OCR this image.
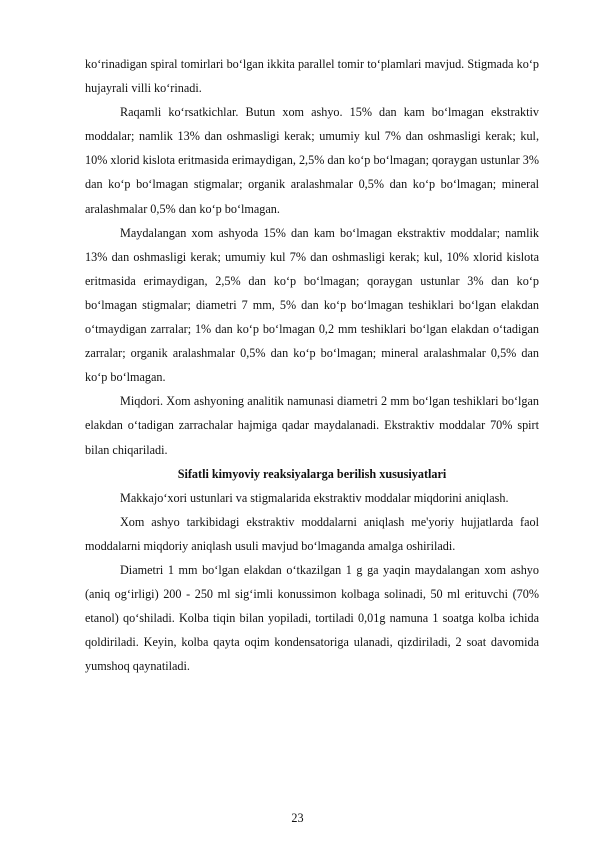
ko‘rinadigan spiral tomirlari bo‘lgan ikkita parallel tomir to‘plamlari mavjud. Stigmada ko‘p hujayrali villi ko‘rinadi.

Raqamli ko‘rsatkichlar. Butun xom ashyo. 15% dan kam bo‘lmagan ekstraktiv moddalar; namlik 13% dan oshmasligi kerak; umumiy kul 7% dan oshmasligi kerak; kul, 10% xlorid kislota eritmasida erimaydigan, 2,5% dan ko‘p bo‘lmagan; qoraygan ustunlar 3% dan ko‘p bo‘lmagan stigmalar; organik aralashmalar 0,5% dan ko‘p bo‘lmagan; mineral aralashmalar 0,5% dan ko‘p bo‘lmagan.

Maydalangan xom ashyoda 15% dan kam bo‘lmagan ekstraktiv moddalar; namlik 13% dan oshmasligi kerak; umumiy kul 7% dan oshmasligi kerak; kul, 10% xlorid kislota eritmasida erimaydigan, 2,5% dan ko‘p bo‘lmagan; qoraygan ustunlar 3% dan ko‘p bo‘lmagan stigmalar; diametri 7 mm, 5% dan ko‘p bo‘lmagan teshiklari bo‘lgan elakdan o‘tmaydigan zarralar; 1% dan ko‘p bo‘lmagan 0,2 mm teshiklari bo‘lgan elakdan o‘tadigan zarralar; organik aralashmalar 0,5% dan ko‘p bo‘lmagan; mineral aralashmalar 0,5% dan ko‘p bo‘lmagan.

Miqdori. Xom ashyoning analitik namunasi diametri 2 mm bo‘lgan teshiklari bo‘lgan elakdan o‘tadigan zarrachalar hajmiga qadar maydalanadi. Ekstraktiv moddalar 70% spirt bilan chiqariladi.

Sifatli kimyoviy reaksiyalarga berilish xususiyatlari

Makkajo‘xori ustunlari va stigmalarida ekstraktiv moddalar miqdorini aniqlash.

Xom ashyo tarkibidagi ekstraktiv moddalarni aniqlash me'yoriy hujjatlarda faol moddalarni miqdoriy aniqlash usuli mavjud bo‘lmaganda amalga oshiriladi.

Diametri 1 mm bo‘lgan elakdan o‘tkazilgan 1 g ga yaqin maydalangan xom ashyo (aniq og‘irligi) 200 - 250 ml sig‘imli konussimon kolbaga solinadi, 50 ml erituvchi (70% etanol) qo‘shiladi. Kolba tiqin bilan yopiladi, tortiladi 0,01g namuna 1 soatga kolba ichida qoldiriladi. Keyin, kolba qayta oqim kondensatoriga ulanadi, qizdiriladi, 2 soat davomida yumshoq qaynatiladi.

23
